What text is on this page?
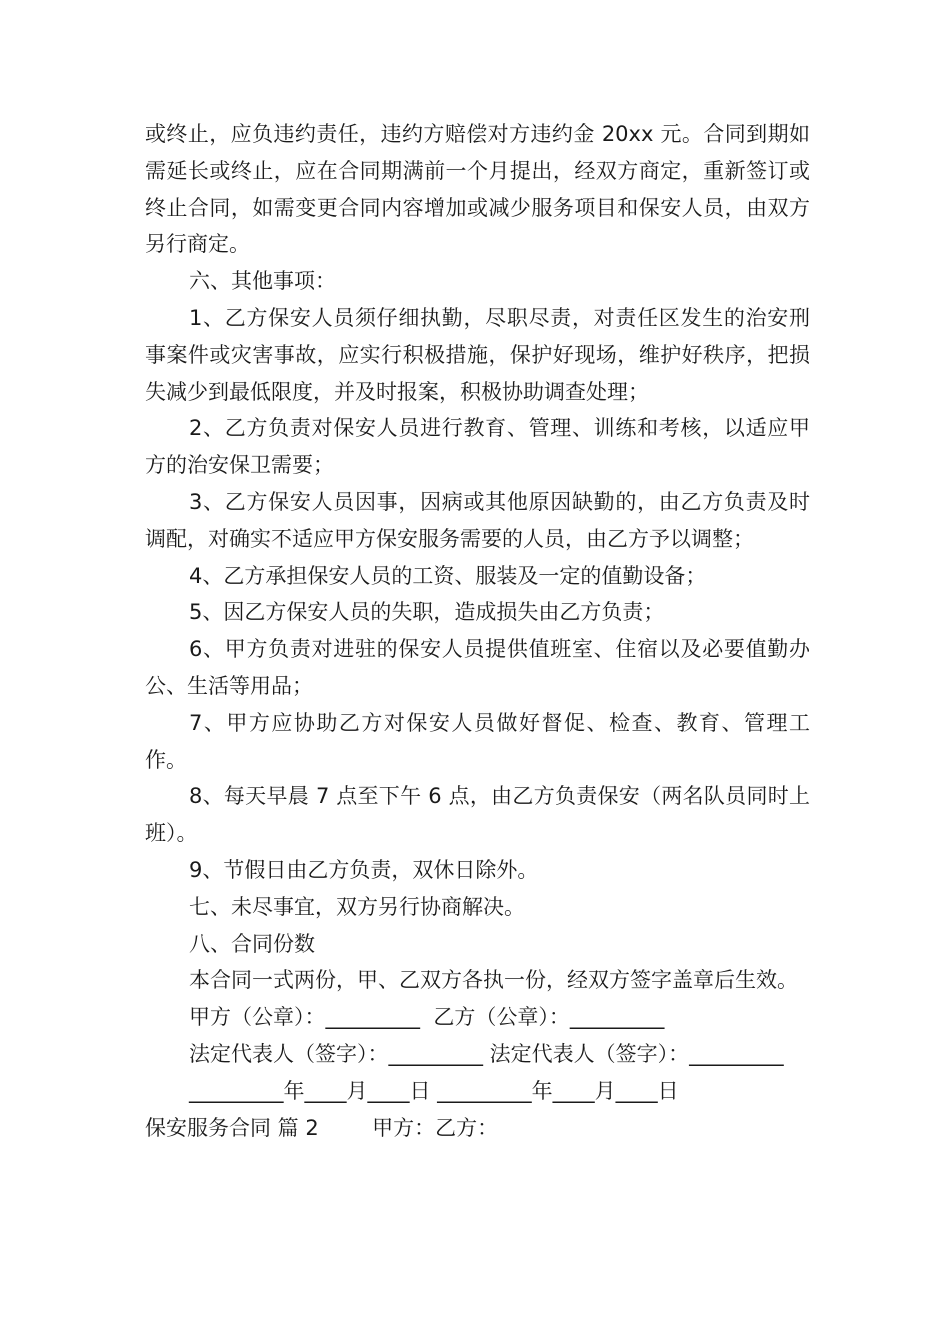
或终止，应负违约责任，违约方赔偿对方违约金 20xx 元。合同到期如需延长或终止，应在合同期满前一个月提出，经双方商定，重新签订或终止合同，如需变更合同内容增加或减少服务项目和保安人员，由双方另行商定。

六、其他事项：

1、乙方保安人员须仔细执勤，尽职尽责，对责任区发生的治安刑事案件或灾害事故，应实行积极措施，保护好现场，维护好秩序，把损失减少到最低限度，并及时报案，积极协助调查处理；

2、乙方负责对保安人员进行教育、管理、训练和考核，以适应甲方的治安保卫需要；

3、乙方保安人员因事，因病或其他原因缺勤的，由乙方负责及时调配，对确实不适应甲方保安服务需要的人员，由乙方予以调整；

4、乙方承担保安人员的工资、服装及一定的值勤设备；

5、因乙方保安人员的失职，造成损失由乙方负责；

6、甲方负责对进驻的保安人员提供值班室、住宿以及必要值勤办公、生活等用品；

7、甲方应协助乙方对保安人员做好督促、检查、教育、管理工作。

8、每天早晨 7 点至下午 6 点，由乙方负责保安（两名队员同时上班）。

9、节假日由乙方负责，双休日除外。

七、未尽事宜，双方另行协商解决。

八、合同份数

本合同一式两份，甲、乙双方各执一份，经双方签字盖章后生效。

甲方（公章）：_________  乙方（公章）：_________

法定代表人（签字）：_________ 法定代表人（签字）：_________

_________年____月____日 _________年____月____日

保安服务合同 篇 2        甲方：乙方：
